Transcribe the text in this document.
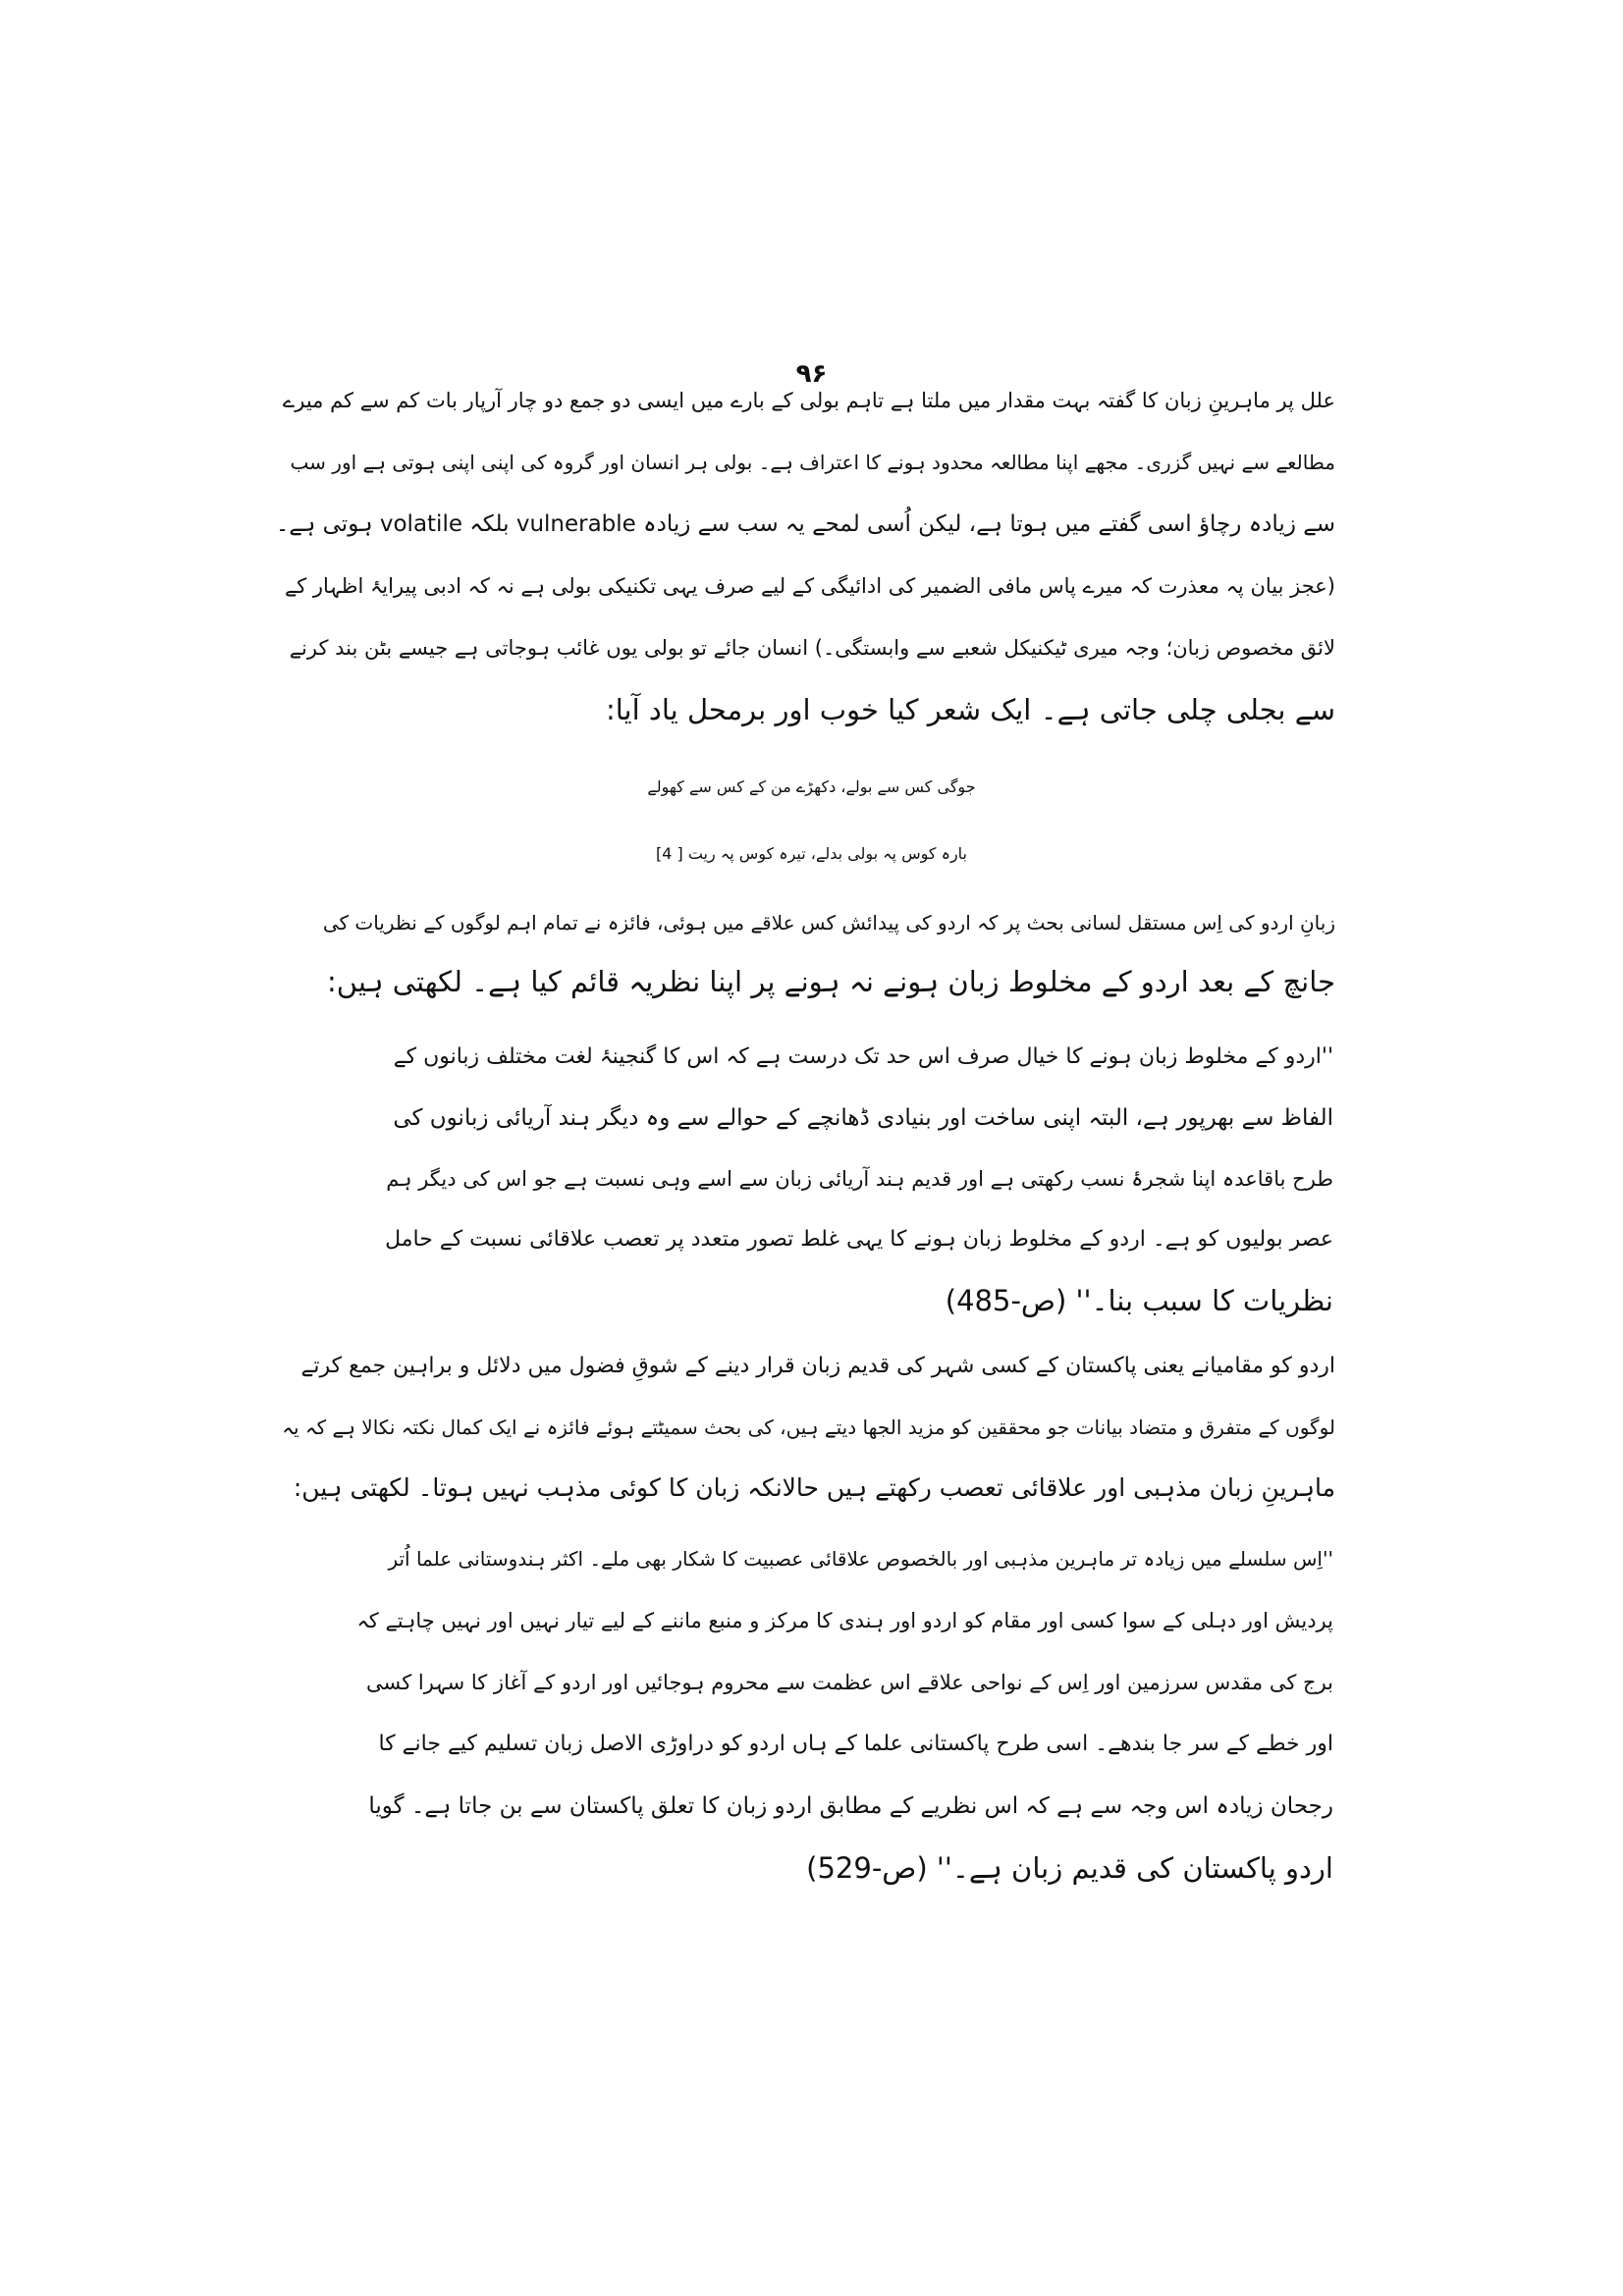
۹۶
علل پر ماہرینِ زبان کا گفتہ بہت مقدار میں ملتا ہے تاہم بولی کے بارے میں ایسی دو جمع دو چار آرپار بات کم سے کم میرے
مطالعے سے نہیں گزری۔ مجھے اپنا مطالعہ محدود ہونے کا اعتراف ہے۔ بولی ہر انسان اور گروہ کی اپنی اپنی ہوتی ہے اور سب
سے زیادہ رچاؤ اسی گفتے میں ہوتا ہے، لیکن اُسی لمحے یہ سب سے زیادہ vulnerable بلکہ volatile ہوتی ہے۔
(عجز بیان پہ معذرت کہ میرے پاس مافی الضمیر کی ادائیگی کے لیے صرف یہی تکنیکی بولی ہے نہ کہ ادبی پیرایۂ اظہار کے
لائق مخصوص زبان؛ وجہ میری ٹیکنیکل شعبے سے وابستگی۔) انسان جائے تو بولی یوں غائب ہوجاتی ہے جیسے بٹن بند کرنے
سے بجلی چلی جاتی ہے۔ ایک شعر کیا خوب اور برمحل یاد آیا:
جوگی کس سے بولے، دکھڑے من کے کس سے کھولے
بارہ کوس پہ بولی بدلے، تیرہ کوس پہ ریت [ 4]
زبانِ اردو کی اِس مستقل لسانی بحث پر کہ اردو کی پیدائش کس علاقے میں ہوئی، فائزہ نے تمام اہم لوگوں کے نظریات کی
جانچ کے بعد اردو کے مخلوط زبان ہونے نہ ہونے پر اپنا نظریہ قائم کیا ہے۔ لکھتی ہیں:
''اردو کے مخلوط زبان ہونے کا خیال صرف اس حد تک درست ہے کہ اس کا گنجینۂ لغت مختلف زبانوں کے
الفاظ سے بھرپور ہے، البتہ اپنی ساخت اور بنیادی ڈھانچے کے حوالے سے وہ دیگر ہند آریائی زبانوں کی
طرح باقاعدہ اپنا شجرۂ نسب رکھتی ہے اور قدیم ہند آریائی زبان سے اسے وہی نسبت ہے جو اس کی دیگر ہم
عصر بولیوں کو ہے۔ اردو کے مخلوط زبان ہونے کا یہی غلط تصور متعدد پر تعصب علاقائی نسبت کے حامل
نظریات کا سبب بنا۔'' (ص-485)
اردو کو مقامیانے یعنی پاکستان کے کسی شہر کی قدیم زبان قرار دینے کے شوقِ فضول میں دلائل و براہین جمع کرتے
لوگوں کے متفرق و متضاد بیانات جو محققین کو مزید الجھا دیتے ہیں، کی بحث سمیٹتے ہوئے فائزہ نے ایک کمال نکتہ نکالا ہے کہ یہ
ماہرینِ زبان مذہبی اور علاقائی تعصب رکھتے ہیں حالانکہ زبان کا کوئی مذہب نہیں ہوتا۔ لکھتی ہیں:
''اِس سلسلے میں زیادہ تر ماہرین مذہبی اور بالخصوص علاقائی عصبیت کا شکار بھی ملے۔ اکثر ہندوستانی علما اُتر
پردیش اور دہلی کے سوا کسی اور مقام کو اردو اور ہندی کا مرکز و منبع ماننے کے لیے تیار نہیں اور نہیں چاہتے کہ
برج کی مقدس سرزمین اور اِس کے نواحی علاقے اس عظمت سے محروم ہوجائیں اور اردو کے آغاز کا سہرا کسی
اور خطے کے سر جا بندھے۔ اسی طرح پاکستانی علما کے ہاں اردو کو دراوڑی الاصل زبان تسلیم کیے جانے کا
رجحان زیادہ اس وجہ سے ہے کہ اس نظریے کے مطابق اردو زبان کا تعلق پاکستان سے بن جاتا ہے۔ گویا
اردو پاکستان کی قدیم زبان ہے۔'' (ص-529)
